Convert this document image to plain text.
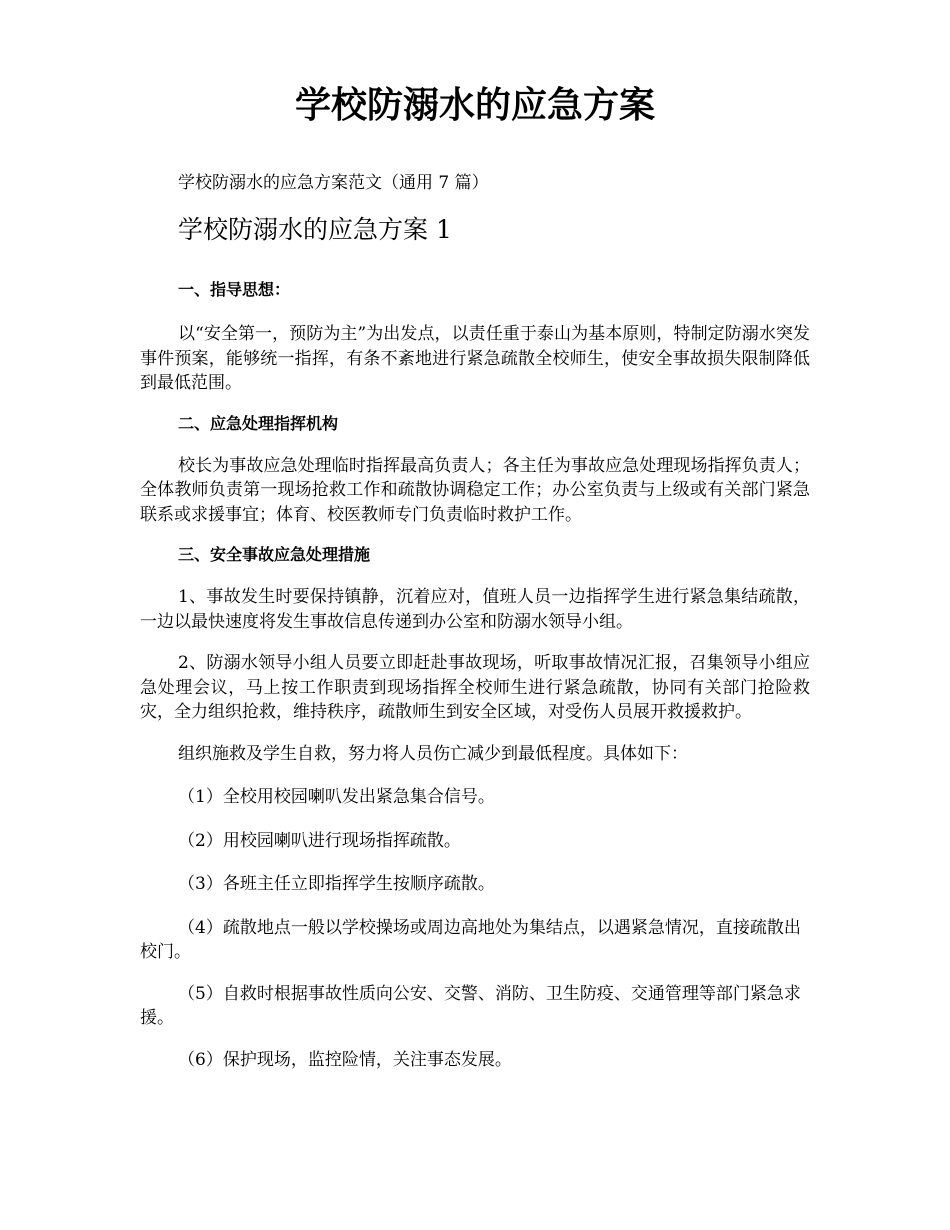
学校防溺水的应急方案

学校防溺水的应急方案范文（通用 7 篇）

学校防溺水的应急方案 1
一、指导思想：

以“安全第一，预防为主”为出发点，以责任重于泰山为基本原则，特制定防溺水突发事件预案，能够统一指挥，有条不紊地进行紧急疏散全校师生，使安全事故损失限制降低到最低范围。

二、应急处理指挥机构

校长为事故应急处理临时指挥最高负责人；各主任为事故应急处理现场指挥负责人；全体教师负责第一现场抢救工作和疏散协调稳定工作；办公室负责与上级或有关部门紧急联系或求援事宜；体育、校医教师专门负责临时救护工作。

三、安全事故应急处理措施

1、事故发生时要保持镇静，沉着应对，值班人员一边指挥学生进行紧急集结疏散，一边以最快速度将发生事故信息传递到办公室和防溺水领导小组。

2、防溺水领导小组人员要立即赶赴事故现场，听取事故情况汇报，召集领导小组应急处理会议，马上按工作职责到现场指挥全校师生进行紧急疏散，协同有关部门抢险救灾，全力组织抢救，维持秩序，疏散师生到安全区域，对受伤人员展开救援救护。

组织施救及学生自救，努力将人员伤亡减少到最低程度。具体如下：

（1）全校用校园喇叭发出紧急集合信号。

（2）用校园喇叭进行现场指挥疏散。

（3）各班主任立即指挥学生按顺序疏散。

（4）疏散地点一般以学校操场或周边高地处为集结点，以遇紧急情况，直接疏散出校门。

（5）自救时根据事故性质向公安、交警、消防、卫生防疫、交通管理等部门紧急求援。

（6）保护现场，监控险情，关注事态发展。
